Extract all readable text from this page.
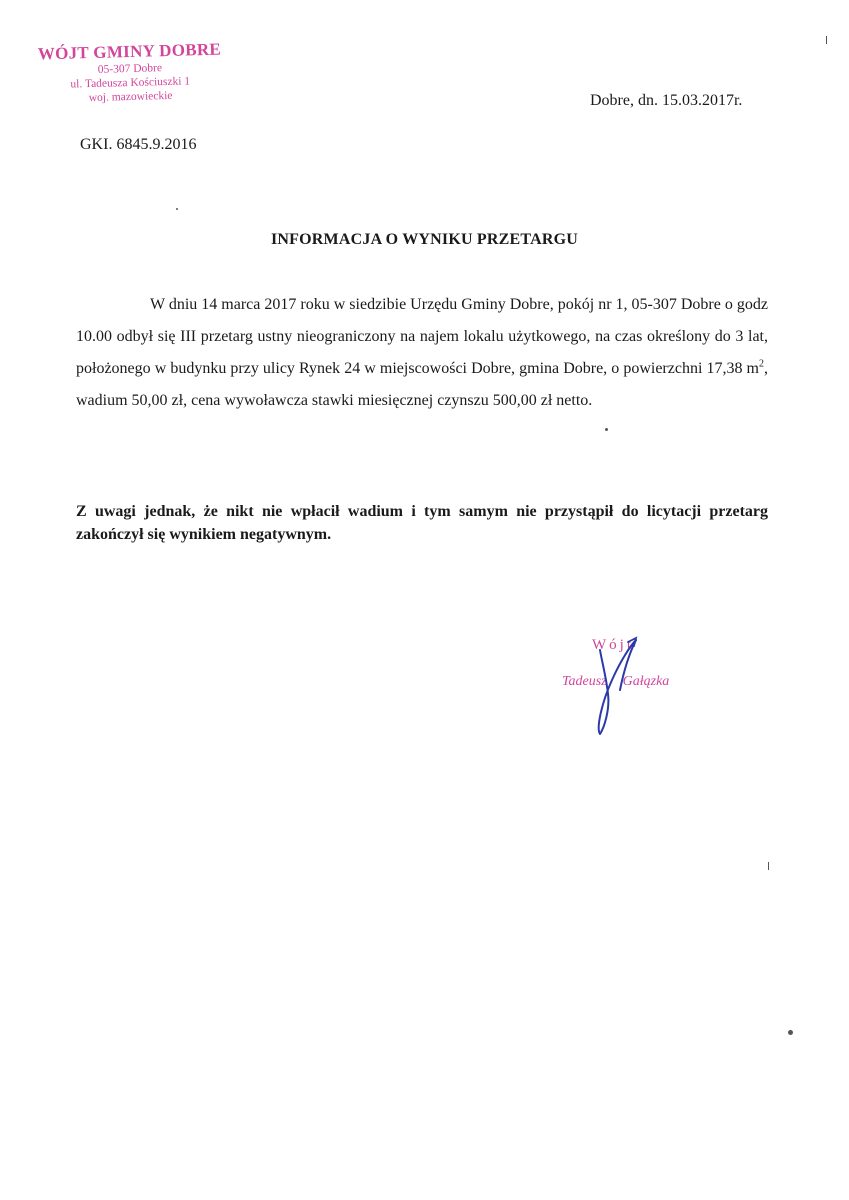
WÓJT GMINY DOBRE
05-307 Dobre
ul. Tadeusza Kościuszki 1
woj. mazowieckie	Dobre, dn. 15.03.2017r.
GKI. 6845.9.2016
INFORMACJA O WYNIKU PRZETARGU
W dniu 14 marca 2017 roku w siedzibie Urzędu Gminy Dobre, pokój nr 1, 05-307 Dobre o godz 10.00 odbył się III przetarg ustny nieograniczony na najem lokalu użytkowego, na czas określony do 3 lat, położonego w budynku przy ulicy Rynek 24 w miejscowości Dobre, gmina Dobre, o powierzchni 17,38 $m^2$, wadium 50,00 zł, cena wywoławcza stawki miesięcznej czynszu 500,00 zł netto.
Z uwagi jednak, że nikt nie wpłacił wadium i tym samym nie przystąpił do licytacji przetarg zakończył się wynikiem negatywnym.
Wójt
Tadeusz Gałązka
